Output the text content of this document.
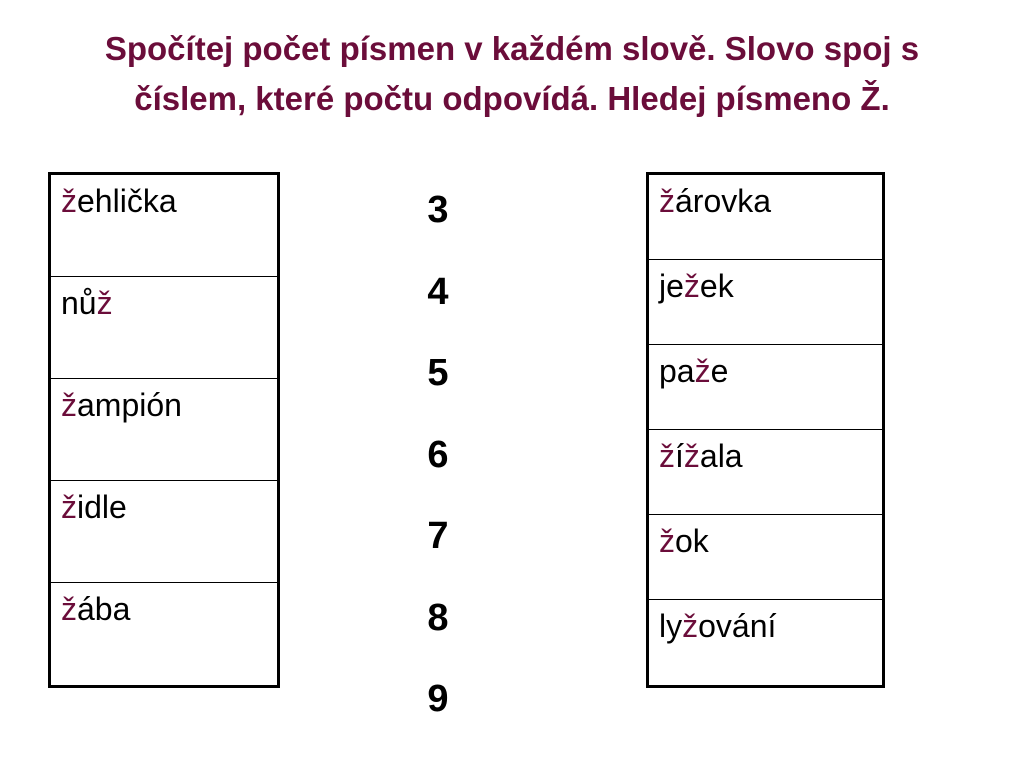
Spočítej počet písmen v každém slově. Slovo spoj s číslem, které počtu odpovídá. Hledej písmeno Ž.
žehlička
nůž
žampión
židle
žába
3
4
5
6
7
8
9
žárovka
ježek
paže
žížala
žok
lyžování
